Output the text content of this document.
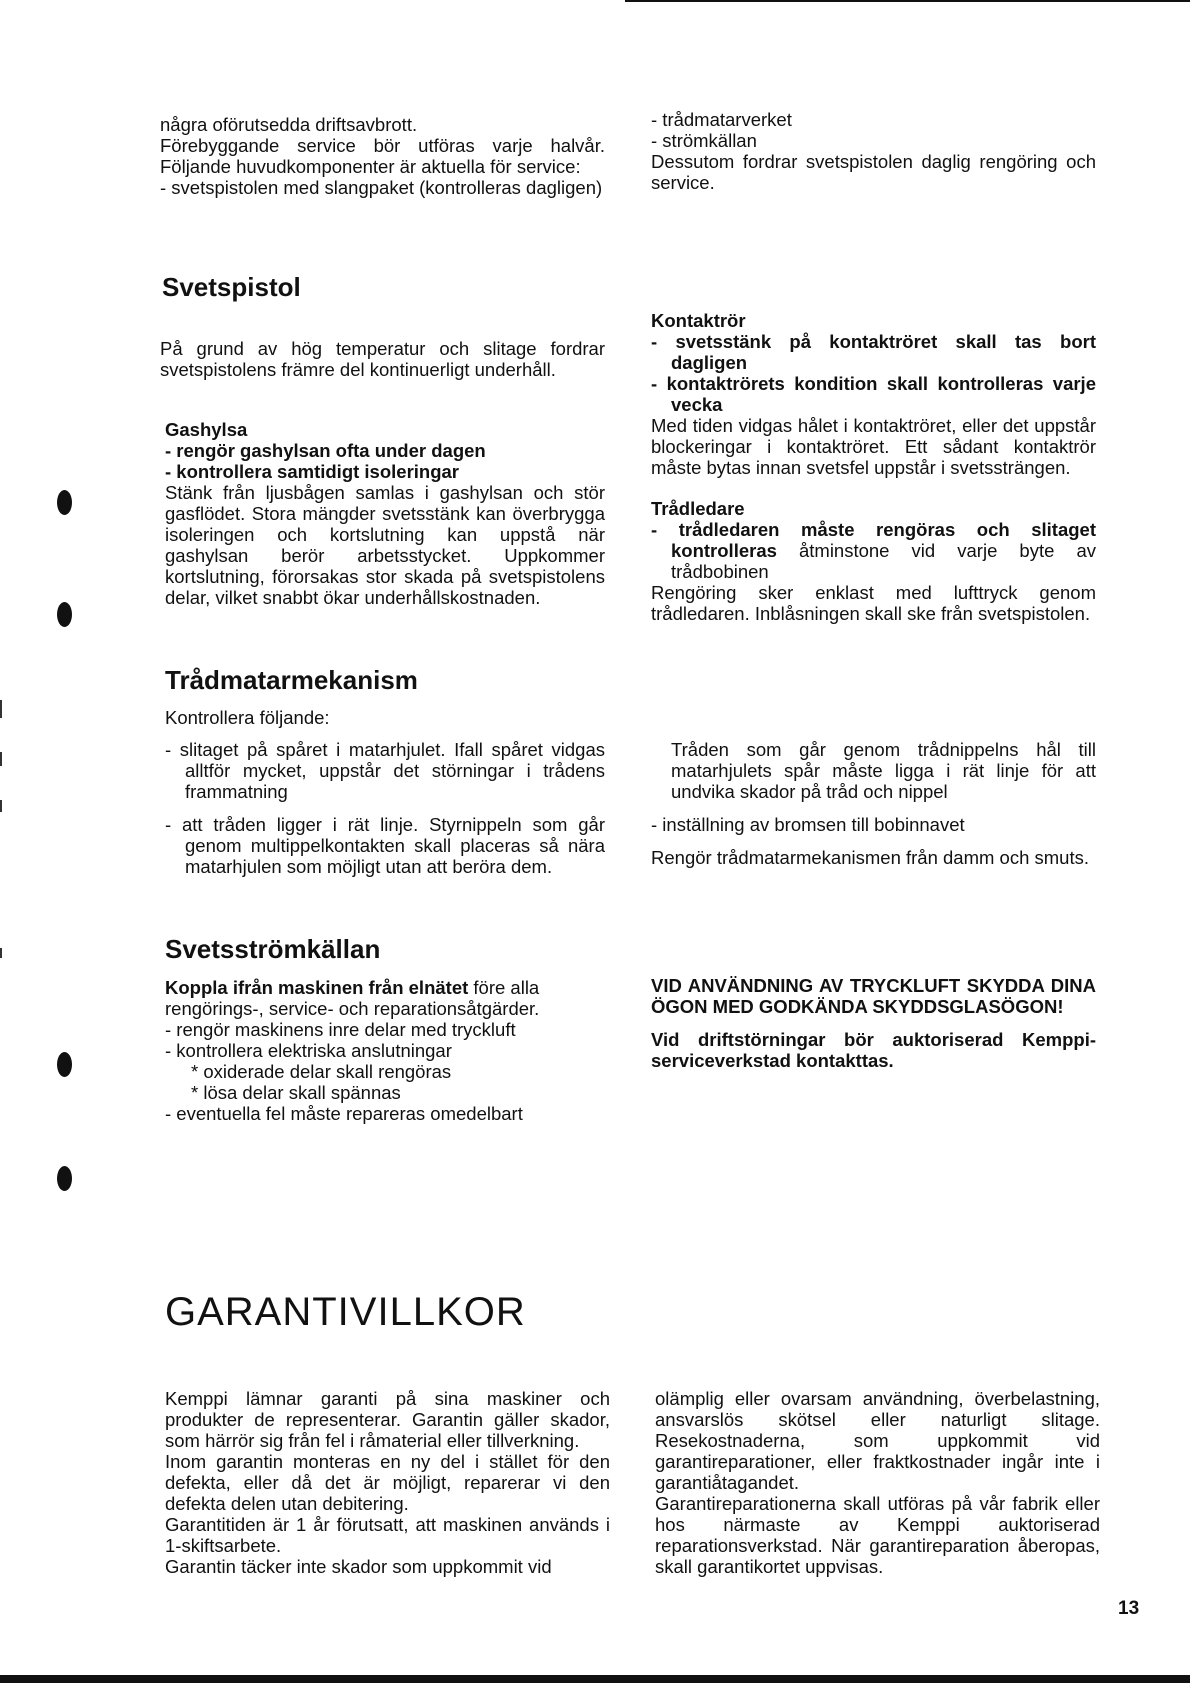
några oförutsedda driftsavbrott.

Förebyggande service bör utföras varje halvår. Följande huvudkomponenter är aktuella för service:

- svetspistolen med slangpaket (kontrolleras dagligen)

- trådmatarverket

- strömkällan

Dessutom fordrar svetspistolen daglig rengöring och service.

Svetspistol
På grund av hög temperatur och slitage fordrar svetspistolens främre del kontinuerligt underhåll.

Gashylsa

- rengör gashylsan ofta under dagen

- kontrollera samtidigt isoleringar

Stänk från ljusbågen samlas i gashylsan och stör gasflödet. Stora mängder svetsstänk kan överbrygga isoleringen och kortslutning kan uppstå när gashylsan berör arbetsstycket. Uppkommer kortslutning, förorsakas stor skada på svetspistolens delar, vilket snabbt ökar underhållskostnaden.

Kontaktrör

- svetsstänk på kontaktröret skall tas bort dagligen

- kontaktrörets kondition skall kontrolleras varje vecka

Med tiden vidgas hålet i kontaktröret, eller det uppstår blockeringar i kontaktröret. Ett sådant kontaktrör måste bytas innan svetsfel uppstår i svetssträngen.

Trådledare

- trådledaren måste rengöras och slitaget kontrolleras åtminstone vid varje byte av trådbobinen

Rengöring sker enklast med lufttryck genom trådledaren. Inblåsningen skall ske från svetspistolen.

Trådmatarmekanism
Kontrollera följande:

- slitaget på spåret i matarhjulet. Ifall spåret vidgas alltför mycket, uppstår det störningar i trådens frammatning

- att tråden ligger i rät linje. Styrnippeln som går genom multippelkontakten skall placeras så nära matarhjulen som möjligt utan att beröra dem.

Tråden som går genom trådnippelns hål till matarhjulets spår måste ligga i rät linje för att undvika skador på tråd och nippel

- inställning av bromsen till bobinnavet

Rengör trådmatarmekanismen från damm och smuts.

Svetsströmkällan

Koppla ifrån maskinen från elnätet före alla rengörings-, service- och reparationsåtgärder.

- rengör maskinens inre delar med tryckluft

- kontrollera elektriska anslutningar

* oxiderade delar skall rengöras

* lösa delar skall spännas

- eventuella fel måste repareras omedelbart

VID ANVÄNDNING AV TRYCKLUFT SKYDDA DINA ÖGON MED GODKÄNDA SKYDDSGLASÖGON!

Vid driftstörningar bör auktoriserad Kemppi-serviceverkstad kontakttas.

GARANTIVILLKOR

Kemppi lämnar garanti på sina maskiner och produkter de representerar. Garantin gäller skador, som härrör sig från fel i råmaterial eller tillverkning.

Inom garantin monteras en ny del i stället för den defekta, eller då det är möjligt, reparerar vi den defekta delen utan debitering.

Garantitiden är 1 år förutsatt, att maskinen används i 1-skiftsarbete.

Garantin täcker inte skador som uppkommit vid

olämplig eller ovarsam användning, överbelastning, ansvarslös skötsel eller naturligt slitage. Resekostnaderna, som uppkommit vid garantireparationer, eller fraktkostnader ingår inte i garantiåtagandet.

Garantireparationerna skall utföras på vår fabrik eller hos närmaste av Kemppi auktoriserad reparationsverkstad. När garantireparation åberopas, skall garantikortet uppvisas.

13
